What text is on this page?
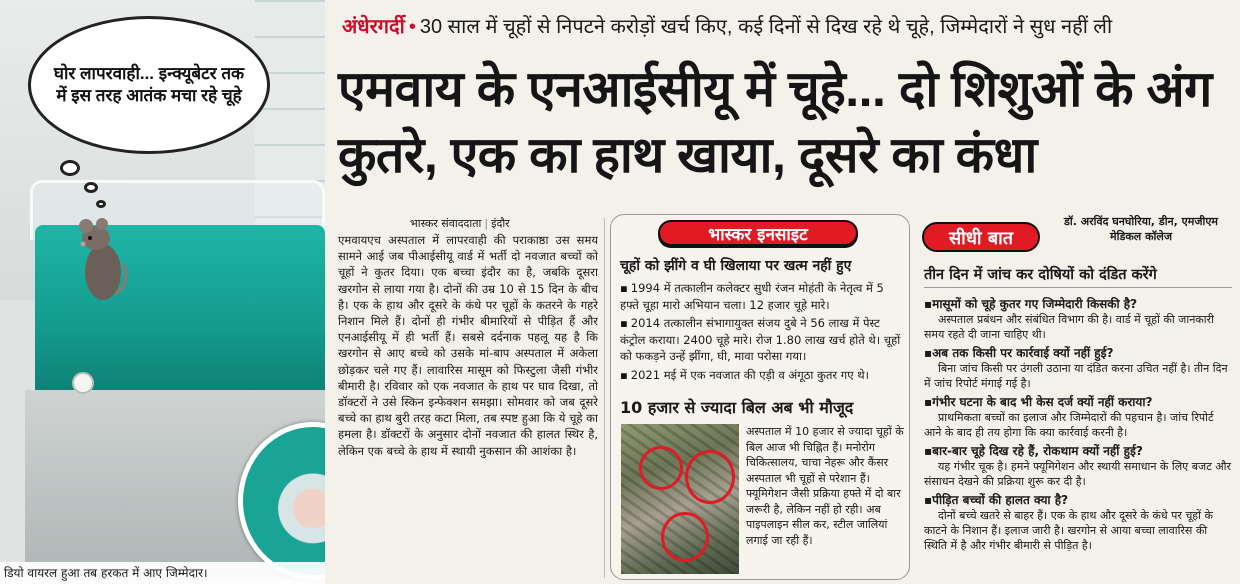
घोर लापरवाही... इन्क्यूबेटर तक में इस तरह आतंक मचा रहे चूहे

डियो वायरल हुआ तब हरकत में आए जिम्मेदार।
अंधेरगर्दी • 30 साल में चूहों से निपटने करोड़ों खर्च किए, कई दिनों से दिख रहे थे चूहे, जिम्मेदारों ने सुध नहीं ली
एमवाय के एनआईसीयू में चूहे... दो शिशुओं के अंग कुतरे, एक का हाथ खाया, दूसरे का कंधा
भास्कर संवाददाता | इंदौर

एमवायएच अस्पताल में लापरवाही की पराकाष्ठा उस समय सामने आई जब पीआईसीयू वार्ड में भर्ती दो नवजात बच्चों को चूहों ने कुतर दिया। एक बच्चा इंदौर का है, जबकि दूसरा खरगोन से लाया गया है। दोनों की उम्र 10 से 15 दिन के बीच है। एक के हाथ और दूसरे के कंधे पर चूहों के कतरने के गहरे निशान मिले हैं। दोनों ही गंभीर बीमारियों से पीड़ित हैं और एनआईसीयू में ही भर्ती हैं। सबसे दर्दनाक पहलू यह है कि खरगोन से आए बच्चे को उसके मां-बाप अस्पताल में अकेला छोड़कर चले गए हैं। लावारिस मासूम को फिस्टुला जैसी गंभीर बीमारी है। रविवार को एक नवजात के हाथ पर घाव दिखा, तो डॉक्टरों ने उसे स्किन इन्फेक्शन समझा। सोमवार को जब दूसरे बच्चे का हाथ बुरी तरह कटा मिला, तब स्पष्ट हुआ कि ये चूहे का हमला है। डॉक्टरों के अनुसार दोनों नवजात की हालत स्थिर है, लेकिन एक बच्चे के हाथ में स्थायी नुकसान की आशंका है।

भास्कर इनसाइट
चूहों को झींगे व घी खिलाया पर खत्म नहीं हुए
▪ 1994 में तत्कालीन कलेक्टर सुधी रंजन मोहंती के नेतृत्व में 5 हफ्ते चूहा मारो अभियान चला। 12 हजार चूहे मारे।
▪ 2014 तत्कालीन संभागायुक्त संजय दुबे ने 56 लाख में पेस्ट कंट्रोल कराया। 2400 चूहे मारे। रोज 1.80 लाख खर्च होते थे। चूहों को फकड़ने उन्हें झींगा, घी, मावा परोसा गया।
▪ 2021 मई में एक नवजात की एड़ी व अंगूठा कुतर गए थे।
10 हजार से ज्यादा बिल अब भी मौजूद

अस्पताल में 10 हजार से ज्यादा चूहों के बिल आज भी चिह्नित हैं। मनोरोग चिकित्सालय, चाचा नेहरू और कैंसर अस्पताल भी चूहों से परेशान हैं। फ्यूमिगेशन जैसी प्रक्रिया हफ्ते में दो बार जरूरी है, लेकिन नहीं हो रही। अब पाइपलाइन सील कर, स्टील जालियां लगाई जा रही हैं।

सीधी बात
डॉ. अरविंद घनघोरिया, डीन, एमजीएम मेडिकल कॉलेज
तीन दिन में जांच कर दोषियों को दंडित करेंगे

▪ मासूमों को चूहे कुतर गए जिम्मेदारी किसकी है?

अस्पताल प्रबंधन और संबंधित विभाग की है। वार्ड में चूहों की जानकारी समय रहते दी जाना चाहिए थी।

▪ अब तक किसी पर कार्रवाई क्यों नहीं हुई?

बिना जांच किसी पर उंगली उठाना या दंडित करना उचित नहीं है। तीन दिन में जांच रिपोर्ट मंगाई गई है।

▪ गंभीर घटना के बाद भी केस दर्ज क्यों नहीं कराया?

प्राथमिकता बच्चों का इलाज और जिम्मेदारों की पहचान है। जांच रिपोर्ट आने के बाद ही तय होगा कि क्या कार्रवाई करनी है।

▪ बार-बार चूहे दिख रहे हैं, रोकथाम क्यों नहीं हुई?

यह गंभीर चूक है। हमने फ्यूमिगेशन और स्थायी समाधान के लिए बजट और संसाधन देखने की प्रक्रिया शुरू कर दी है।

▪ पीड़ित बच्चों की हालत क्या है?

दोनों बच्चे खतरे से बाहर हैं। एक के हाथ और दूसरे के कंधे पर चूहों के काटने के निशान हैं। इलाज जारी है। खरगोन से आया बच्चा लावारिस की स्थिति में है और गंभीर बीमारी से पीड़ित है।
